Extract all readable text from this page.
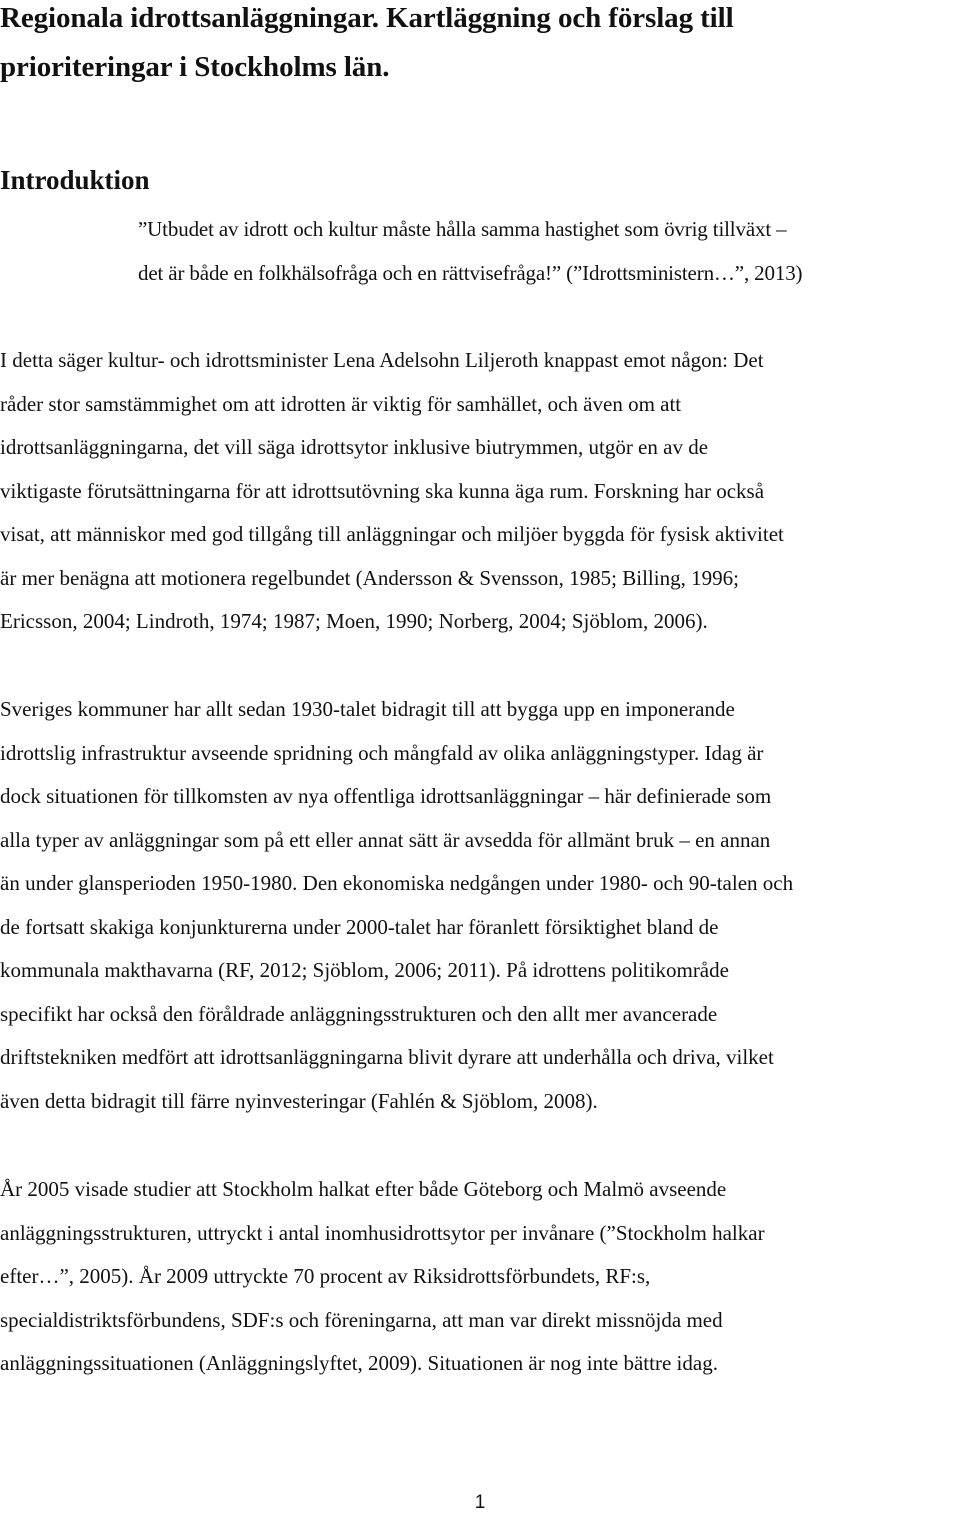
Regionala idrottsanläggningar. Kartläggning och förslag till
prioriteringar i Stockholms län.
Introduktion
”Utbudet av idrott och kultur måste hålla samma hastighet som övrig tillväxt –
det är både en folkhälsofråga och en rättvisefråga!” (”Idrottsministern…”, 2013)

I detta säger kultur- och idrottsminister Lena Adelsohn Liljeroth knappast emot någon: Det
råder stor samstämmighet om att idrotten är viktig för samhället, och även om att
idrottsanläggningarna, det vill säga idrottsytor inklusive biutrymmen, utgör en av de
viktigaste förutsättningarna för att idrottsutövning ska kunna äga rum. Forskning har också
visat, att människor med god tillgång till anläggningar och miljöer byggda för fysisk aktivitet
är mer benägna att motionera regelbundet (Andersson & Svensson, 1985; Billing, 1996;
Ericsson, 2004; Lindroth, 1974; 1987; Moen, 1990; Norberg, 2004; Sjöblom, 2006).

Sveriges kommuner har allt sedan 1930-talet bidragit till att bygga upp en imponerande
idrottslig infrastruktur avseende spridning och mångfald av olika anläggningstyper. Idag är
dock situationen för tillkomsten av nya offentliga idrottsanläggningar – här definierade som
alla typer av anläggningar som på ett eller annat sätt är avsedda för allmänt bruk – en annan
än under glansperioden 1950-1980. Den ekonomiska nedgången under 1980- och 90-talen och
de fortsatt skakiga konjunkturerna under 2000-talet har föranlett försiktighet bland de
kommunala makthavarna (RF, 2012; Sjöblom, 2006; 2011). På idrottens politikområde
specifikt har också den föråldrade anläggningsstrukturen och den allt mer avancerade
driftstekniken medfört att idrottsanläggningarna blivit dyrare att underhålla och driva, vilket
även detta bidragit till färre nyinvesteringar (Fahlén & Sjöblom, 2008).

År 2005 visade studier att Stockholm halkat efter både Göteborg och Malmö avseende
anläggningsstrukturen, uttryckt i antal inomhusidrottsytor per invånare (”Stockholm halkar
efter…”, 2005). År 2009 uttryckte 70 procent av Riksidrottsförbundets, RF:s,
specialdistriktsförbundens, SDF:s och föreningarna, att man var direkt missnöjda med
anläggningssituationen (Anläggningslyftet, 2009). Situationen är nog inte bättre idag.

1
